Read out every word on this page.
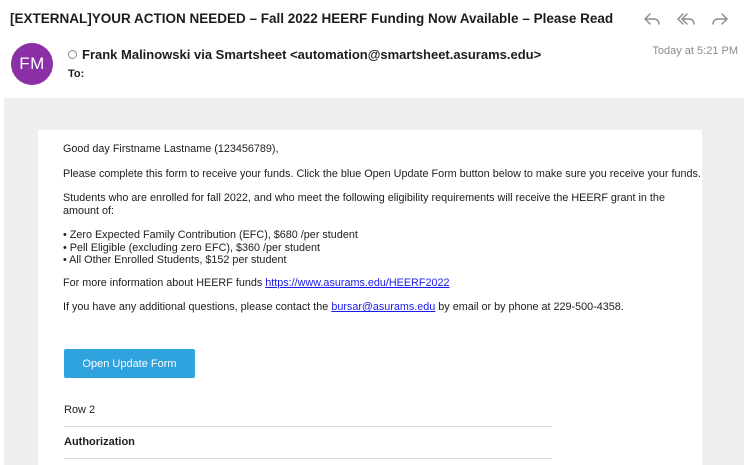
[EXTERNAL]YOUR ACTION NEEDED – Fall 2022 HEERF Funding Now Available – Please Read
FM	Frank Malinowski via Smartsheet <automation@smartsheet.asurams.edu>
To:
Today at 5:21 PM

Good day Firstname Lastname (123456789),

Please complete this form to receive your funds. Click the blue Open Update Form button below to make sure you receive your funds.

Students who are enrolled for fall 2022, and who meet the following eligibility requirements will receive the HEERF grant in the amount of:

• Zero Expected Family Contribution (EFC), $680 /per student
• Pell Eligible (excluding zero EFC), $360 /per student
• All Other Enrolled Students, $152 per student

For more information about HEERF funds https://www.asurams.edu/HEERF2022

If you have any additional questions, please contact the bursar@asurams.edu by email or by phone at 229-500-4358.

Open Update Form
Row 2
Authorization
